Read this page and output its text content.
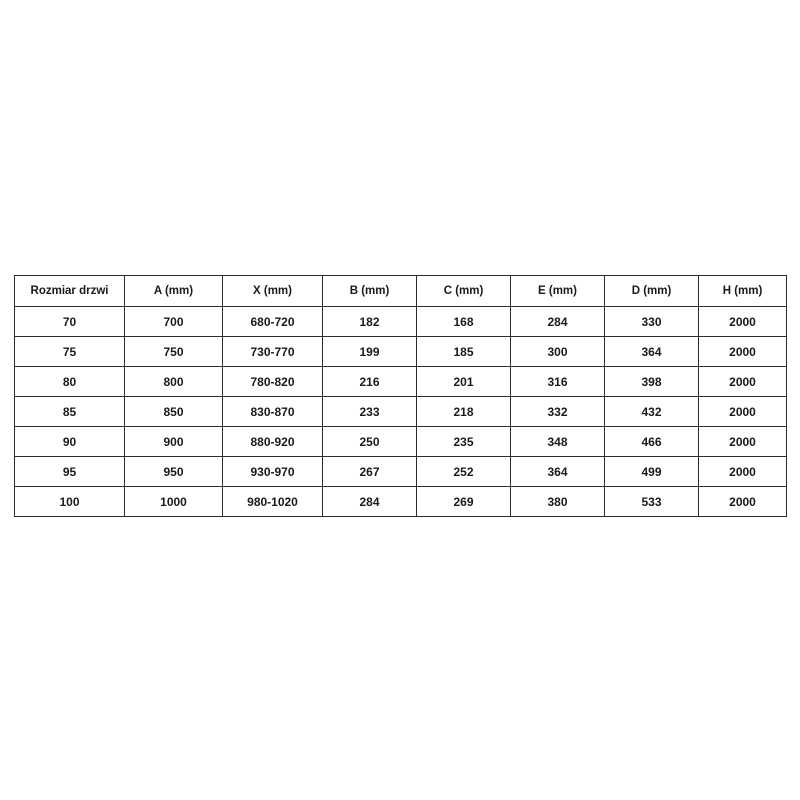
Rozmiar drzwi	A (mm)	X (mm)	B (mm)	C (mm)	E (mm)	D (mm)	H (mm)
70	700	680-720	182	168	284	330	2000
75	750	730-770	199	185	300	364	2000
80	800	780-820	216	201	316	398	2000
85	850	830-870	233	218	332	432	2000
90	900	880-920	250	235	348	466	2000
95	950	930-970	267	252	364	499	2000
100	1000	980-1020	284	269	380	533	2000
